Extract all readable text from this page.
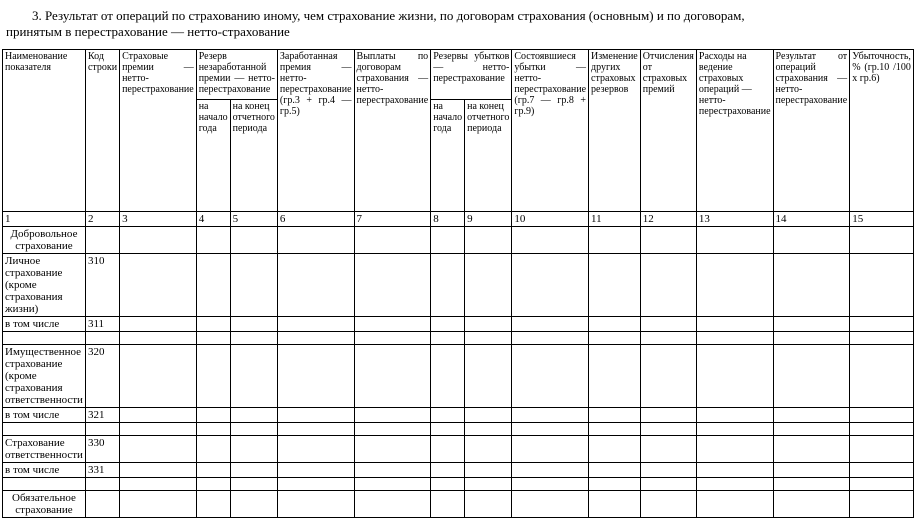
3. Результат от операций по страхованию иному, чем страхование жизни, по договорам страхования (основным) и по договорам,
принятым в перестрахование — нетто-страхование
Наименование показателя	Код строки	Страховые премии — нетто-перестрахование	Резерв незаработанной премии — нетто-перестрахование		Заработанная премия — нетто-перестрахование (гр.3 + гр.4 — гр.5)	Выплаты по договорам страхования — нетто-перестрахование	Резервы убытков — нетто-перестрахование		Состоявшиеся убытки — нетто-перестрахование (гр.7 — гр.8 + гр.9)	Изменение других страховых резервов	Отчисления от страховых премий	Расходы на ведение страховых операций — нетто-перестрахование	Результат от операций страхования — нетто-перестрахование	Убыточность, % (гр.10 /100 х гр.6)
			на начало года	на конец отчетного периода			на начало года	на конец отчетного периода						
1	2	3	4	5	6	7	8	9	10	11	12	13	14	15
Добровольное страхование														
Личное страхование (кроме страхования жизни)	310													
в том числе	311													

Имущественное страхование (кроме страхования ответственности	320													
в том числе	321													

Страхование ответственности	330													
в том числе	331													

Обязательное страхование														
